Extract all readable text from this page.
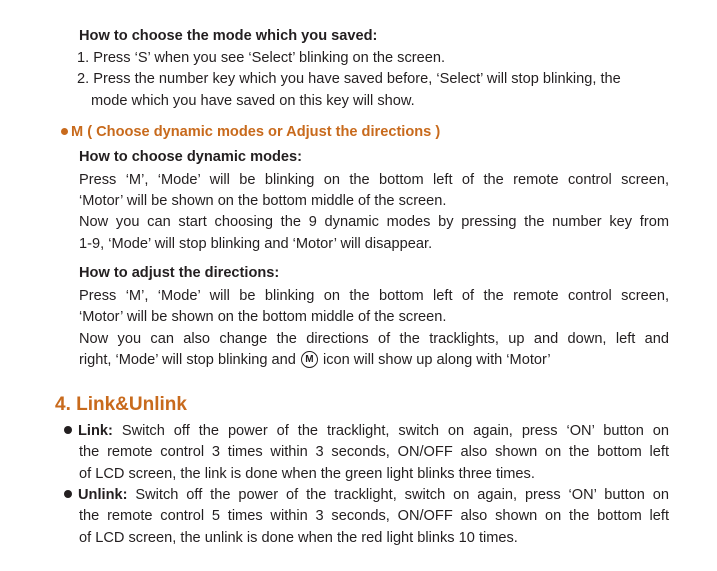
How to choose the mode which you saved:
1. Press ‘S’ when you see ‘Select’ blinking on the screen.
2. Press the number key which you have saved before, ‘Select’ will stop blinking, the
mode which you have saved on this key will show.
M ( Choose dynamic modes or Adjust the directions )
How to choose dynamic modes:
Press ‘M’, ‘Mode’ will be blinking on the bottom left of the remote control screen,
‘Motor’ will be shown on the bottom middle of the screen.
Now you can start choosing the 9 dynamic modes by pressing the number key from
1-9, ‘Mode’ will stop blinking and ‘Motor’ will disappear.
How to adjust the directions:
Press ‘M’, ‘Mode’ will be blinking on the bottom left of the remote control screen,
‘Motor’ will be shown on the bottom middle of the screen.
Now you can also change the directions of the tracklights, up and down, left and
right, ‘Mode’ will stop blinking and M icon will show up along with ‘Motor’
4. Link&Unlink
Link: Switch off the power of the tracklight, switch on again, press ‘ON’ button on
the remote control 3 times within 3 seconds, ON/OFF also shown on the bottom left
of LCD screen, the link is done when the green light blinks three times.
Unlink: Switch off the power of the tracklight, switch on again, press ‘ON’ button on
the remote control 5 times within 3 seconds, ON/OFF also shown on the bottom left
of LCD screen, the unlink is done when the red light blinks 10 times.
